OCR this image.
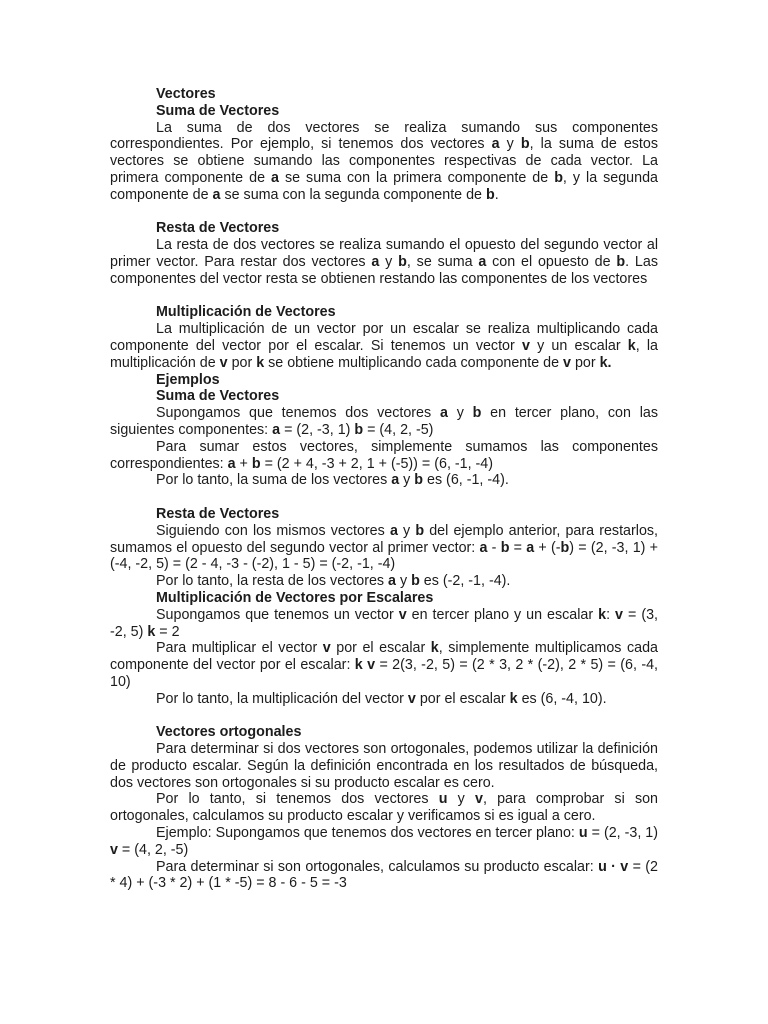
Vectores
Suma de Vectores
La suma de dos vectores se realiza sumando sus componentes correspondientes. Por ejemplo, si tenemos dos vectores a y b, la suma de estos vectores se obtiene sumando las componentes respectivas de cada vector. La primera componente de a se suma con la primera componente de b, y la segunda componente de a se suma con la segunda componente de b.
Resta de Vectores
La resta de dos vectores se realiza sumando el opuesto del segundo vector al primer vector. Para restar dos vectores a y b, se suma a con el opuesto de b. Las componentes del vector resta se obtienen restando las componentes de los vectores
Multiplicación de Vectores
La multiplicación de un vector por un escalar se realiza multiplicando cada componente del vector por el escalar. Si tenemos un vector v y un escalar k, la multiplicación de v por k se obtiene multiplicando cada componente de v por k.
Ejemplos
Suma de Vectores
Supongamos que tenemos dos vectores a y b en tercer plano, con las siguientes componentes: a = (2, -3, 1) b = (4, 2, -5)
Para sumar estos vectores, simplemente sumamos las componentes correspondientes: a + b = (2 + 4, -3 + 2, 1 + (-5)) = (6, -1, -4)
Por lo tanto, la suma de los vectores a y b es (6, -1, -4).
Resta de Vectores
Siguiendo con los mismos vectores a y b del ejemplo anterior, para restarlos, sumamos el opuesto del segundo vector al primer vector: a - b = a + (-b) = (2, -3, 1) + (-4, -2, 5) = (2 - 4, -3 - (-2), 1 - 5) = (-2, -1, -4)
Por lo tanto, la resta de los vectores a y b es (-2, -1, -4).
Multiplicación de Vectores por Escalares
Supongamos que tenemos un vector v en tercer plano y un escalar k: v = (3, -2, 5) k = 2
Para multiplicar el vector v por el escalar k, simplemente multiplicamos cada componente del vector por el escalar: k v = 2(3, -2, 5) = (2 * 3, 2 * (-2), 2 * 5) = (6, -4, 10)
Por lo tanto, la multiplicación del vector v por el escalar k es (6, -4, 10).
Vectores ortogonales
Para determinar si dos vectores son ortogonales, podemos utilizar la definición de producto escalar. Según la definición encontrada en los resultados de búsqueda, dos vectores son ortogonales si su producto escalar es cero.
Por lo tanto, si tenemos dos vectores u y v, para comprobar si son ortogonales, calculamos su producto escalar y verificamos si es igual a cero.
Ejemplo: Supongamos que tenemos dos vectores en tercer plano: u = (2, -3, 1) v = (4, 2, -5)
Para determinar si son ortogonales, calculamos su producto escalar: u · v = (2 * 4) + (-3 * 2) + (1 * -5) = 8 - 6 - 5 = -3
